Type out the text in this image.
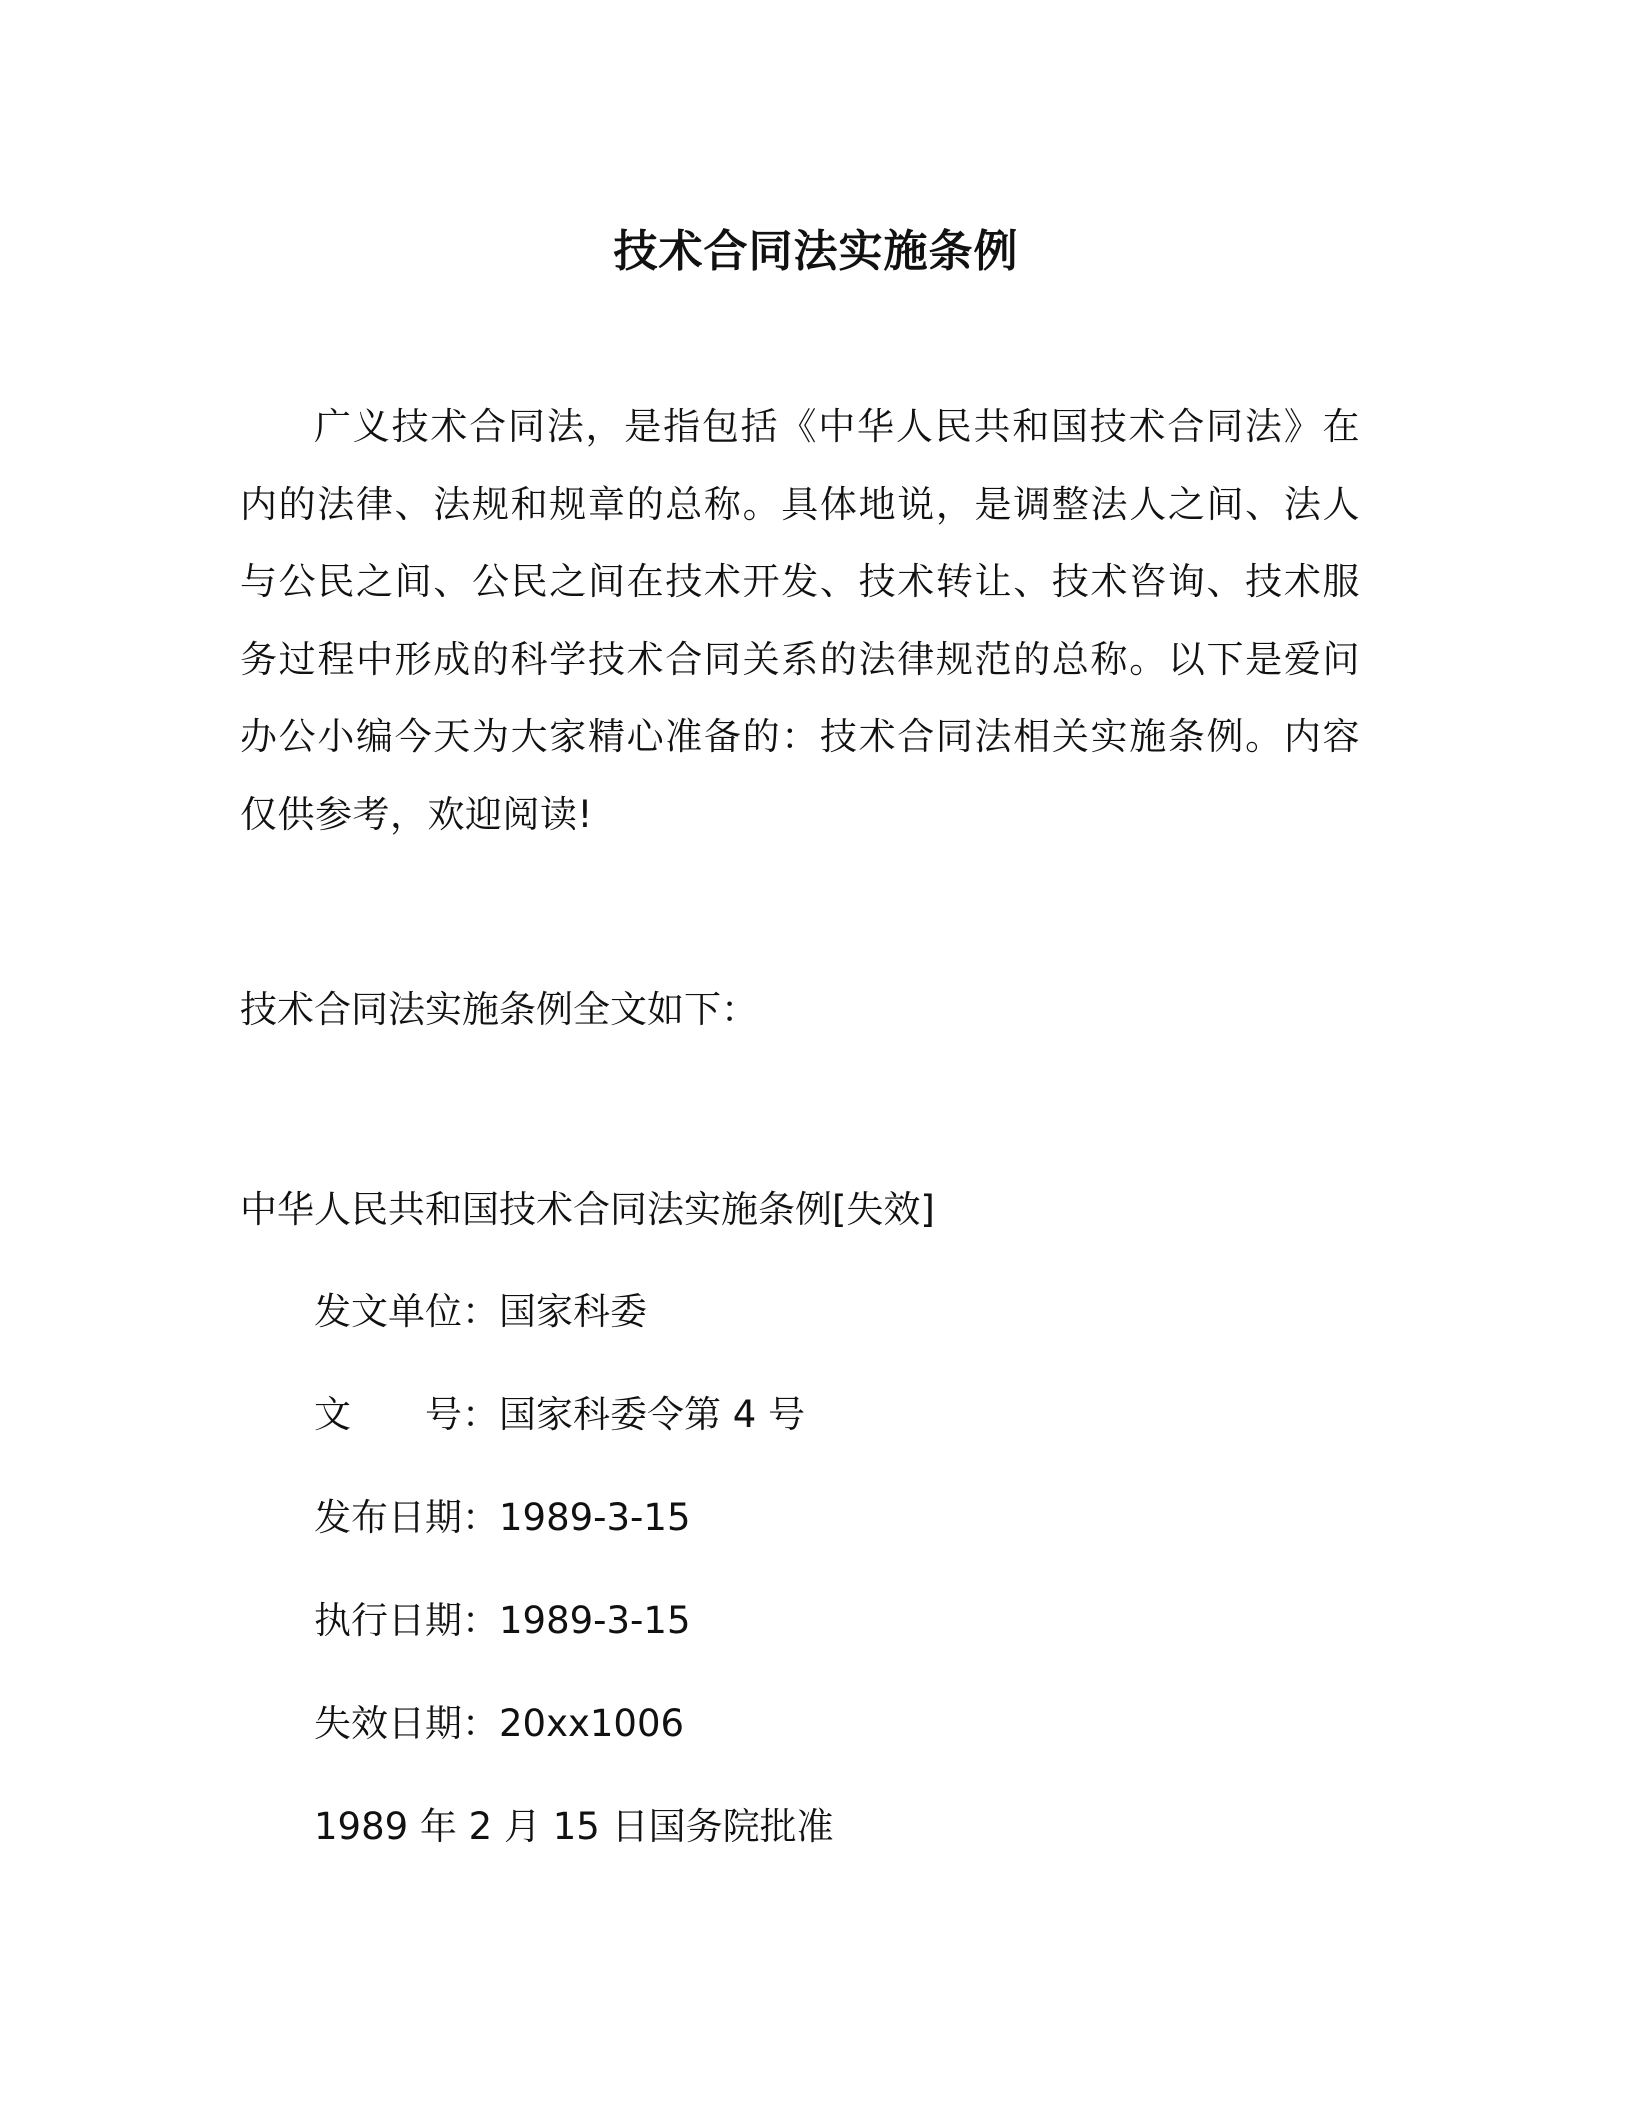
技术合同法实施条例

广义技术合同法，是指包括《中华人民共和国技术合同法》在内的法律、法规和规章的总称。具体地说，是调整法人之间、法人与公民之间、公民之间在技术开发、技术转让、技术咨询、技术服务过程中形成的科学技术合同关系的法律规范的总称。以下是爱问办公小编今天为大家精心准备的：技术合同法相关实施条例。内容仅供参考，欢迎阅读!

技术合同法实施条例全文如下：

中华人民共和国技术合同法实施条例[失效]

发文单位：国家科委

文 号：国家科委令第 4 号

发布日期：1989-3-15

执行日期：1989-3-15

失效日期：20xx1006

1989 年 2 月 15 日国务院批准
